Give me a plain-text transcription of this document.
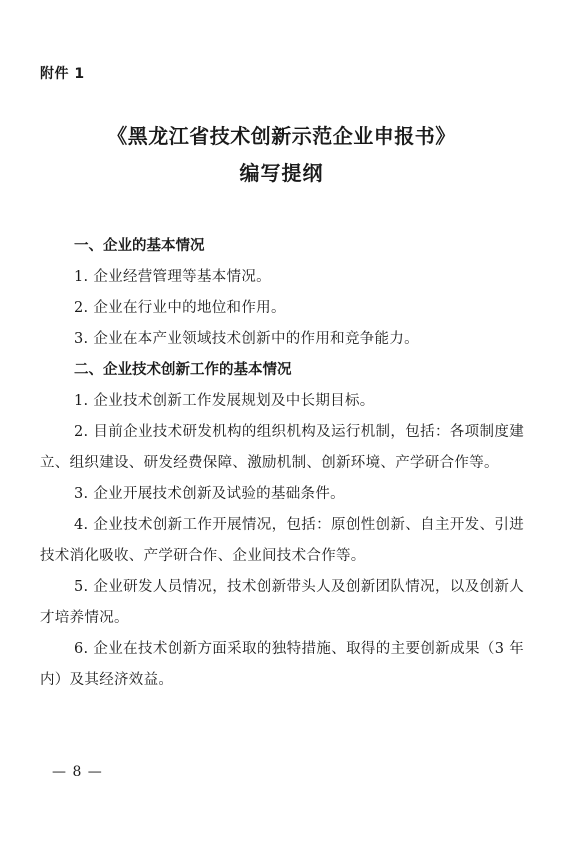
附件 1
《黑龙江省技术创新示范企业申报书》
编写提纲
一、企业的基本情况
1. 企业经营管理等基本情况。
2. 企业在行业中的地位和作用。
3. 企业在本产业领域技术创新中的作用和竞争能力。
二、企业技术创新工作的基本情况
1. 企业技术创新工作发展规划及中长期目标。
2. 目前企业技术研发机构的组织机构及运行机制，包括：各项制度建立、组织建设、研发经费保障、激励机制、创新环境、产学研合作等。
3. 企业开展技术创新及试验的基础条件。
4. 企业技术创新工作开展情况，包括：原创性创新、自主开发、引进技术消化吸收、产学研合作、企业间技术合作等。
5. 企业研发人员情况，技术创新带头人及创新团队情况，以及创新人才培养情况。
6. 企业在技术创新方面采取的独特措施、取得的主要创新成果（3 年内）及其经济效益。
— 8 —
